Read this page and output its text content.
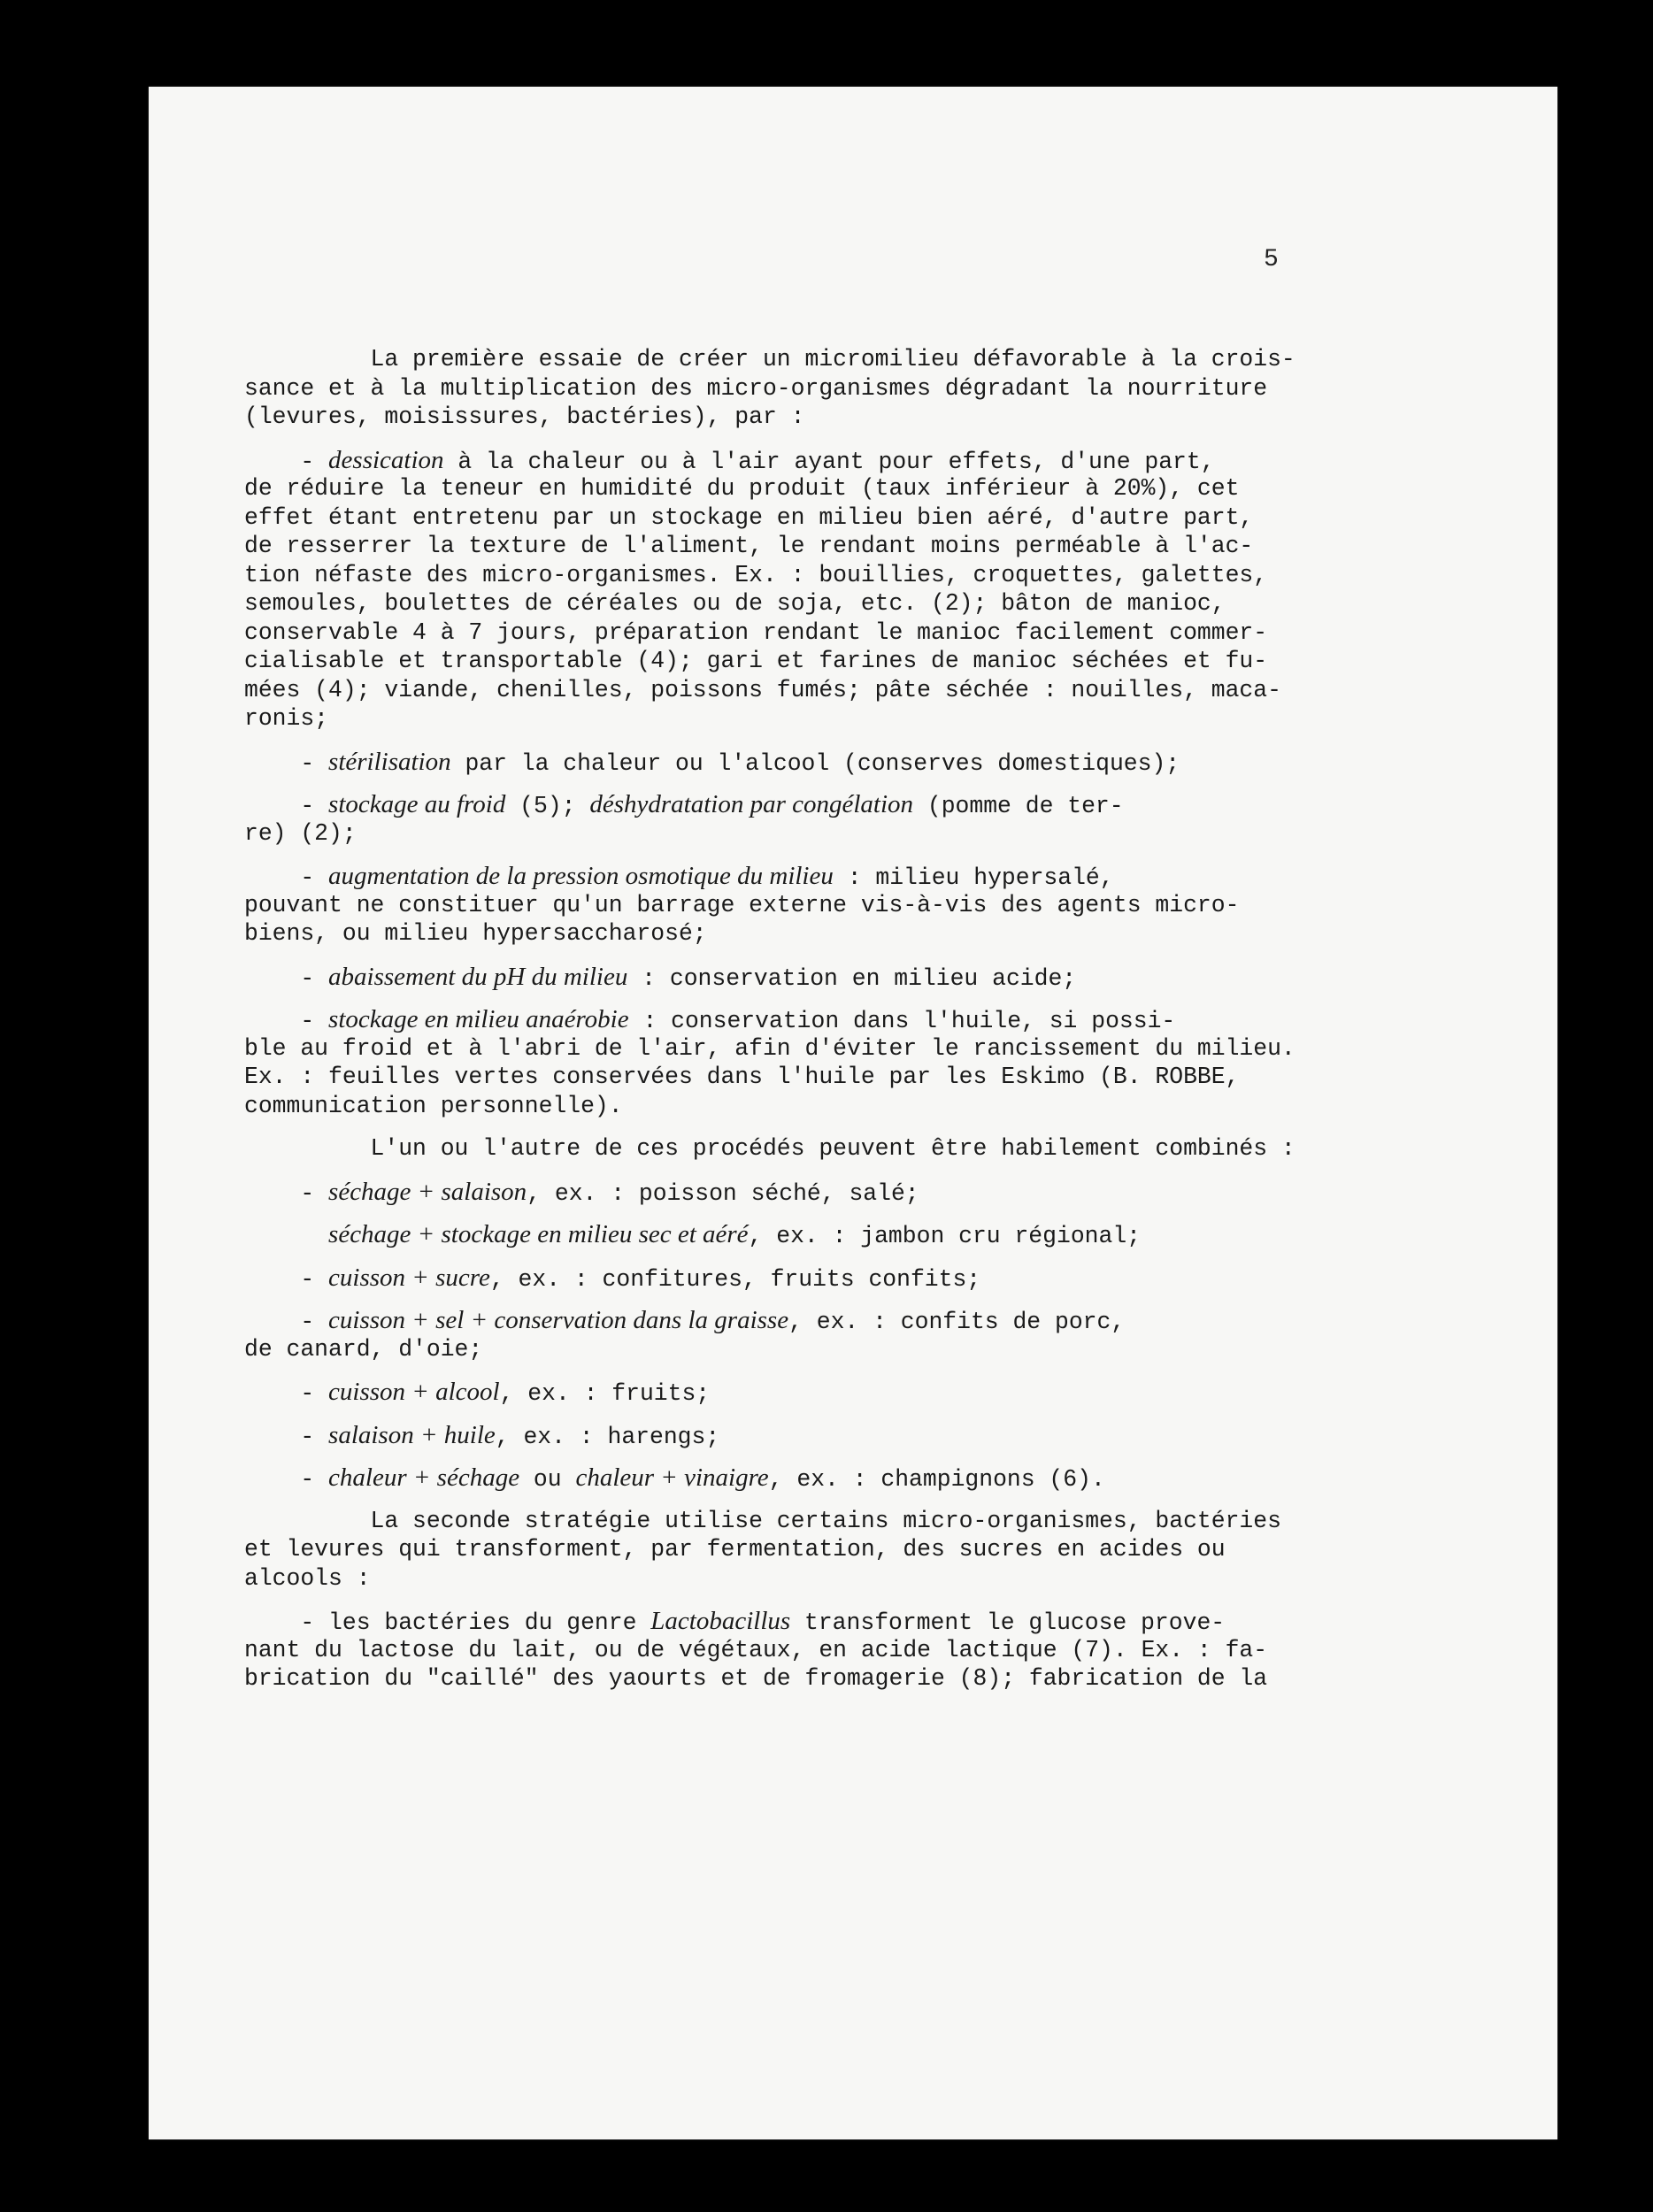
5
La première essaie de créer un micromilieu défavorable à la crois-
sance et à la multiplication des micro-organismes dégradant la nourriture
(levures, moisissures, bactéries), par :
- dessication à la chaleur ou à l'air ayant pour effets, d'une part,
de réduire la teneur en humidité du produit (taux inférieur à 20%), cet
effet étant entretenu par un stockage en milieu bien aéré, d'autre part,
de resserrer la texture de l'aliment, le rendant moins perméable à l'ac-
tion néfaste des micro-organismes. Ex. : bouillies, croquettes, galettes,
semoules, boulettes de céréales ou de soja, etc. (2); bâton de manioc,
conservable 4 à 7 jours, préparation rendant le manioc facilement commer-
cialisable et transportable (4); gari et farines de manioc séchées et fu-
mées (4); viande, chenilles, poissons fumés; pâte séchée : nouilles, maca-
ronis;
- stérilisation par la chaleur ou l'alcool (conserves domestiques);
- stockage au froid (5); déshydratation par congélation (pomme de ter-
re) (2);
- augmentation de la pression osmotique du milieu : milieu hypersalé,
pouvant ne constituer qu'un barrage externe vis-à-vis des agents micro-
biens, ou milieu hypersaccharosé;
- abaissement du pH du milieu : conservation en milieu acide;
- stockage en milieu anaérobie : conservation dans l'huile, si possi-
ble au froid et à l'abri de l'air, afin d'éviter le rancissement du milieu.
Ex. : feuilles vertes conservées dans l'huile par les Eskimo (B. ROBBE,
communication personnelle).
L'un ou l'autre de ces procédés peuvent être habilement combinés :
- séchage + salaison, ex. : poisson séché, salé;
séchage + stockage en milieu sec et aéré, ex. : jambon cru régional;
- cuisson + sucre, ex. : confitures, fruits confits;
- cuisson + sel + conservation dans la graisse, ex. : confits de porc,
de canard, d'oie;
- cuisson + alcool, ex. : fruits;
- salaison + huile, ex. : harengs;
- chaleur + séchage ou chaleur + vinaigre, ex. : champignons (6).
La seconde stratégie utilise certains micro-organismes, bactéries
et levures qui transforment, par fermentation, des sucres en acides ou
alcools :
- les bactéries du genre Lactobacillus transforment le glucose prove-
nant du lactose du lait, ou de végétaux, en acide lactique (7). Ex. : fa-
brication du "caillé" des yaourts et de fromagerie (8); fabrication de la
